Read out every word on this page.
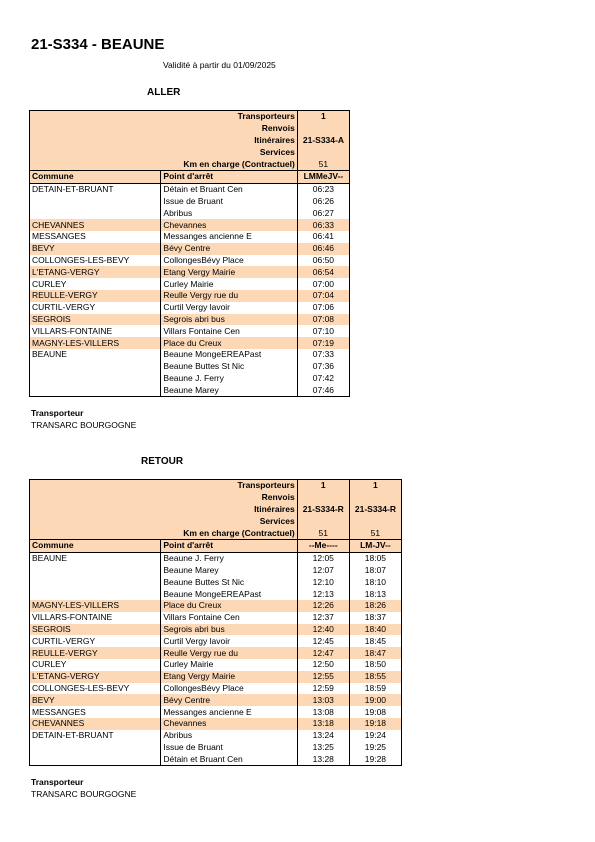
21-S334 - BEAUNE
Validité à partir du 01/09/2025
ALLER
Transporteurs		1
Renvois		
Itinéraires		21-S334-A
Services		
Km en charge (Contractuel)		51
Commune	Point d'arrêt	LMMeJV--
DETAIN-ET-BRUANT	Détain et Bruant Cen	06:23
	Issue de Bruant	06:26
	Abribus	06:27
CHEVANNES	Chevannes	06:33
MESSANGES	Messanges ancienne E	06:41
BEVY	Bévy Centre	06:46
COLLONGES-LES-BEVY	CollongesBévy Place	06:50
L'ETANG-VERGY	Etang Vergy Mairie	06:54
CURLEY	Curley Mairie	07:00
REULLE-VERGY	Reulle Vergy rue du	07:04
CURTIL-VERGY	Curtil Vergy lavoir	07:06
SEGROIS	Segrois abri bus	07:08
VILLARS-FONTAINE	Villars Fontaine Cen	07:10
MAGNY-LES-VILLERS	Place du Creux	07:19
BEAUNE	Beaune MongeEREAPast	07:33
	Beaune Buttes St Nic	07:36
	Beaune J. Ferry	07:42
	Beaune Marey	07:46
Transporteur
TRANSARC BOURGOGNE
RETOUR
Transporteurs		1	1
Renvois			
Itinéraires		21-S334-R	21-S334-R
Services			
Km en charge (Contractuel)		51	51
Commune	Point d'arrêt	--Me----	LM-JV--
BEAUNE	Beaune J. Ferry	12:05	18:05
	Beaune Marey	12:07	18:07
	Beaune Buttes St Nic	12:10	18:10
	Beaune MongeEREAPast	12:13	18:13
MAGNY-LES-VILLERS	Place du Creux	12:26	18:26
VILLARS-FONTAINE	Villars Fontaine Cen	12:37	18:37
SEGROIS	Segrois abri bus	12:40	18:40
CURTIL-VERGY	Curtil Vergy lavoir	12:45	18:45
REULLE-VERGY	Reulle Vergy rue du	12:47	18:47
CURLEY	Curley Mairie	12:50	18:50
L'ETANG-VERGY	Etang Vergy Mairie	12:55	18:55
COLLONGES-LES-BEVY	CollongesBévy Place	12:59	18:59
BEVY	Bévy Centre	13:03	19:00
MESSANGES	Messanges ancienne E	13:08	19:08
CHEVANNES	Chevannes	13:18	19:18
DETAIN-ET-BRUANT	Abribus	13:24	19:24
	Issue de Bruant	13:25	19:25
	Détain et Bruant Cen	13:28	19:28
Transporteur
TRANSARC BOURGOGNE
